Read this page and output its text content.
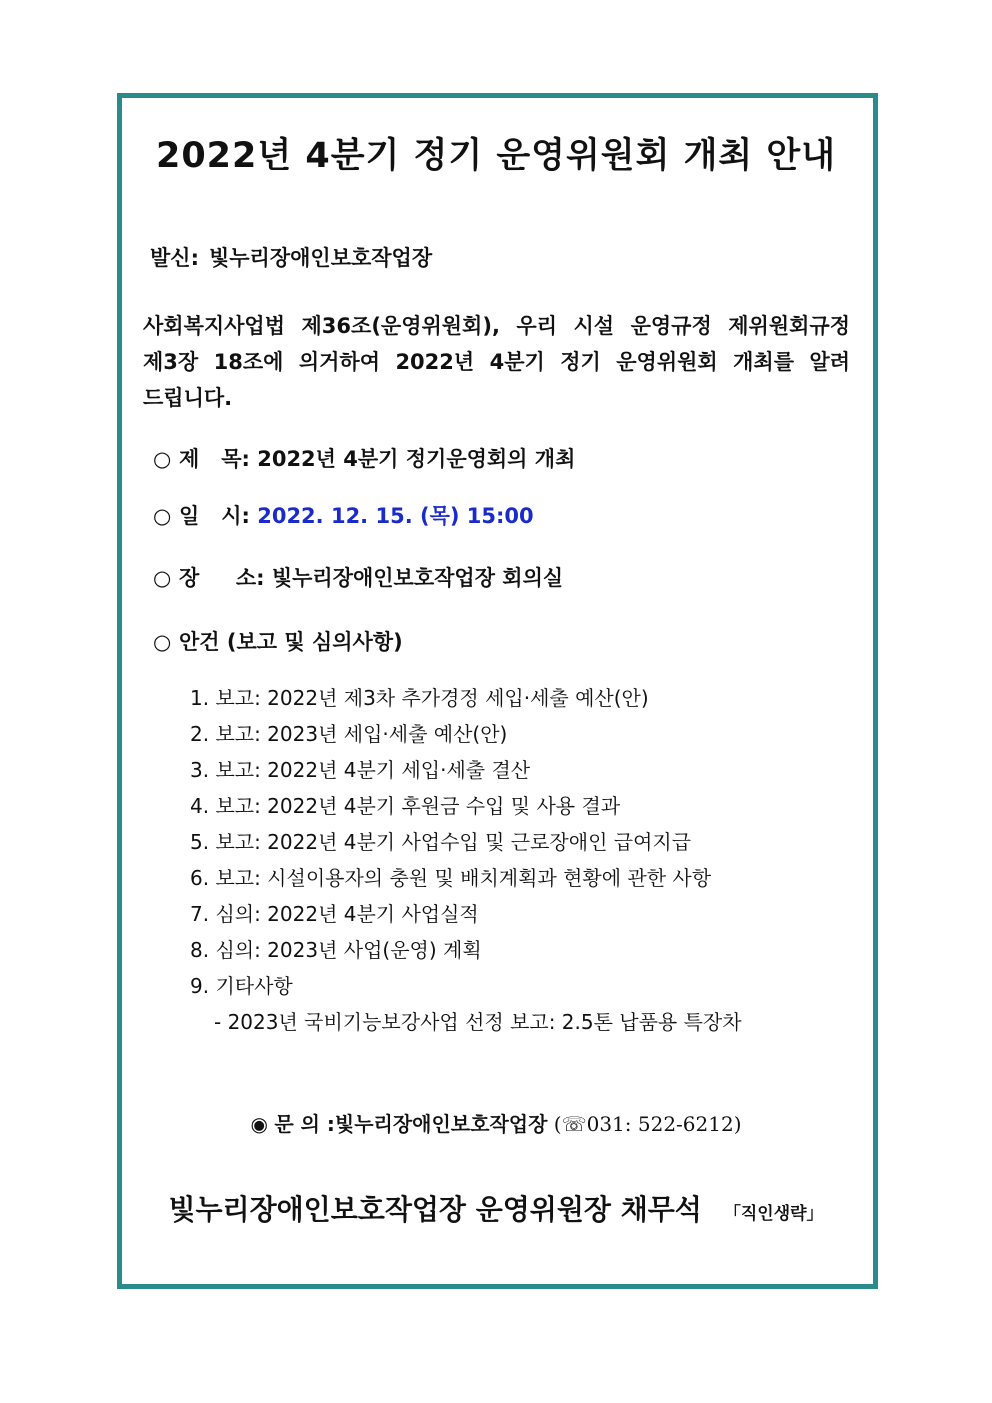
2022년 4분기 정기 운영위원회 개최 안내
발신: 빛누리장애인보호작업장
사회복지사업법 제36조(운영위원회), 우리 시설 운영규정 제위원회규정
제3장 18조에 의거하여 2022년 4분기 정기 운영위원회 개최를 알려
드립니다.
○ 제   목: 2022년 4분기 정기운영회의 개최
○ 일   시: 2022. 12. 15. (목) 15:00
○ 장     소: 빛누리장애인보호작업장 회의실
○ 안건 (보고 및 심의사항)
1. 보고: 2022년 제3차 추가경정 세입·세출 예산(안)
2. 보고: 2023년 세입·세출 예산(안)
3. 보고: 2022년 4분기 세입·세출 결산
4. 보고: 2022년 4분기 후원금 수입 및 사용 결과
5. 보고: 2022년 4분기 사업수입 및 근로장애인 급여지급
6. 보고: 시설이용자의 충원 및 배치계획과 현황에 관한 사항
7. 심의: 2022년 4분기 사업실적
8. 심의: 2023년 사업(운영) 계획
9. 기타사항
- 2023년 국비기능보강사업 선정 보고: 2.5톤 납품용 특장차
◉ 문 의 :빛누리장애인보호작업장 (☏031: 522-6212)
빛누리장애인보호작업장 운영위원장 채무석 「직인생략」
